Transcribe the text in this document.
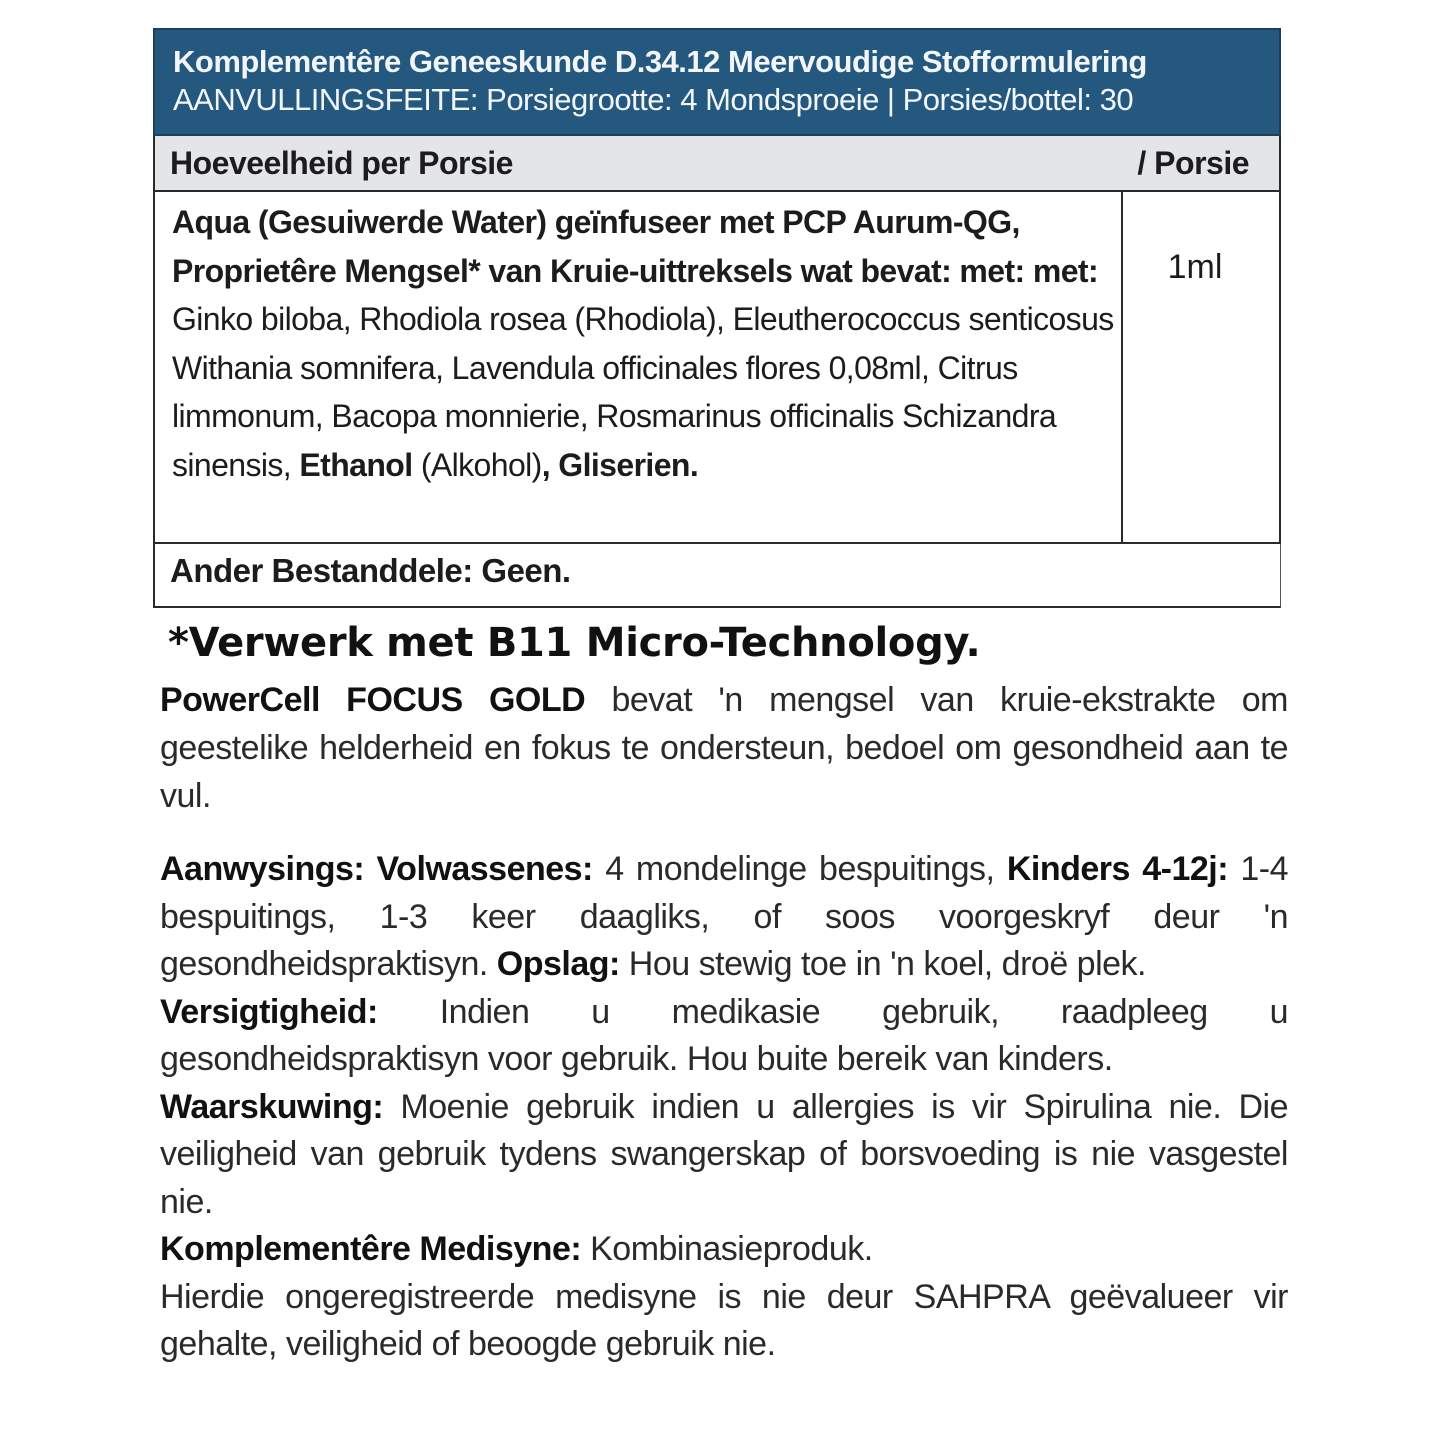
Komplementêre Geneeskunde D.34.12 Meervoudige Stofformulering
AANVULLINGSFEITE: Porsiegrootte: 4 Mondsproeie | Porsies/bottel: 30
Hoeveelheid per Porsie	/ Porsie
Aqua (Gesuiwerde Water) geïnfuseer met PCP Aurum-QG, Proprietêre Mengsel* van Kruie-uittreksels wat bevat: met: met: Ginko biloba, Rhodiola rosea (Rhodiola), Eleutherococcus senticosus Withania somnifera, Lavendula officinales flores 0,08ml, Citrus limmonum, Bacopa monnierie, Rosmarinus officinalis Schizandra sinensis, Ethanol (Alkohol), Gliserien.
1ml
Ander Bestanddele: Geen.
*Verwerk met B11 Micro-Technology.
PowerCell FOCUS GOLD bevat 'n mengsel van kruie-ekstrakte om geestelike helderheid en fokus te ondersteun, bedoel om gesondheid aan te vul.
Aanwysings: Volwassenes: 4 mondelinge bespuitings, Kinders 4-12j: 1-4 bespuitings, 1-3 keer daagliks, of soos voorgeskryf deur 'n gesondheidspraktisyn. Opslag: Hou stewig toe in 'n koel, droë plek.
Versigtigheid: Indien u medikasie gebruik, raadpleeg u gesondheidspraktisyn voor gebruik. Hou buite bereik van kinders.
Waarskuwing: Moenie gebruik indien u allergies is vir Spirulina nie. Die veiligheid van gebruik tydens swangerskap of borsvoeding is nie vasgestel nie.
Komplementêre Medisyne: Kombinasieproduk.
Hierdie ongeregistreerde medisyne is nie deur SAHPRA geëvalueer vir gehalte, veiligheid of beoogde gebruik nie.
